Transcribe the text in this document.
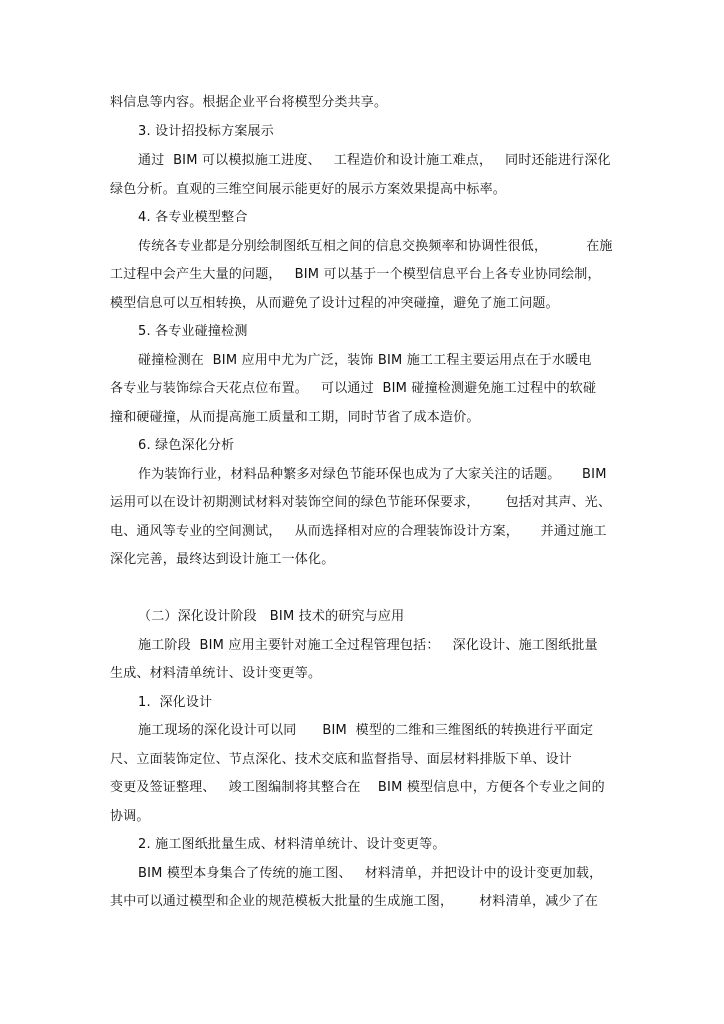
料信息等内容。根据企业平台将模型分类共享。
3. 设计招投标方案展示
通过  BIM 可以模拟施工进度、   工程造价和设计施工难点，   同时还能进行深化
绿色分析。直观的三维空间展示能更好的展示方案效果提高中标率。
4. 各专业模型整合
传统各专业都是分别绘制图纸互相之间的信息交换频率和协调性很低，         在施
工过程中会产生大量的问题，   BIM 可以基于一个模型信息平台上各专业协同绘制，
模型信息可以互相转换，从而避免了设计过程的冲突碰撞，避免了施工问题。
5. 各专业碰撞检测
碰撞检测在  BIM 应用中尤为广泛，装饰 BIM 施工工程主要运用点在于水暖电
各专业与装饰综合天花点位布置。   可以通过  BIM 碰撞检测避免施工过程中的软碰
撞和硬碰撞，从而提高施工质量和工期，同时节省了成本造价。
6. 绿色深化分析
作为装饰行业，材料品种繁多对绿色节能环保也成为了大家关注的话题。     BIM
运用可以在设计初期测试材料对装饰空间的绿色节能环保要求，      包括对其声、光、
电、通风等专业的空间测试，   从而选择相对应的合理装饰设计方案，     并通过施工
深化完善，最终达到设计施工一体化。
（二）深化设计阶段   BIM 技术的研究与应用
施工阶段  BIM 应用主要针对施工全过程管理包括：   深化设计、施工图纸批量
生成、材料清单统计、设计变更等。
1.  深化设计
施工现场的深化设计可以同      BIM  模型的二维和三维图纸的转换进行平面定
尺、立面装饰定位、节点深化、技术交底和监督指导、面层材料排版下单、设计
变更及签证整理、   竣工图编制将其整合在    BIM 模型信息中，方便各个专业之间的
协调。
2. 施工图纸批量生成、材料清单统计、设计变更等。
BIM 模型本身集合了传统的施工图、   材料清单，并把设计中的设计变更加载，
其中可以通过模型和企业的规范模板大批量的生成施工图，      材料清单，减少了在
